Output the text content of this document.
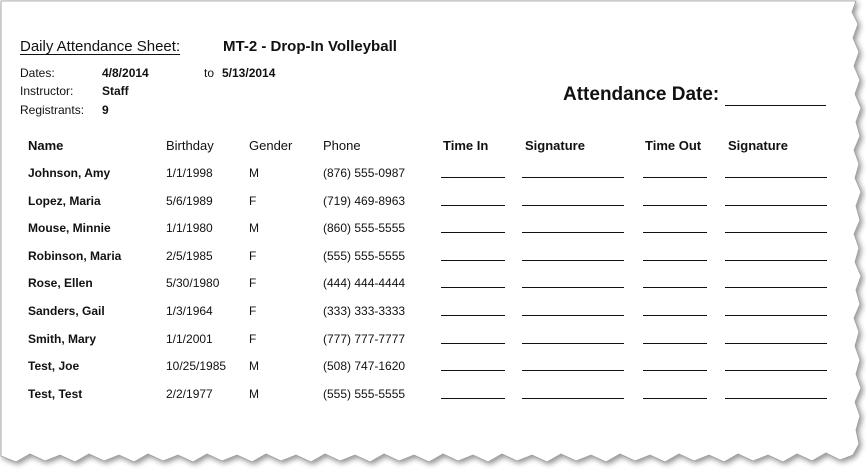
Daily Attendance Sheet:	MT-2 - Drop-In Volleyball
Dates:	4/8/2014	to 5/13/2014
Instructor: Staff
Registrants: 9
Attendance Date:
Name	Birthday	Gender Phone	Time In	Signature	Time Out Signature
Johnson, Amy	1/1/1998	M	(876) 555-0987
Lopez, Maria	5/6/1989	F	(719) 469-8963
Mouse, Minnie	1/1/1980	M	(860) 555-5555
Robinson, Maria	2/5/1985	F	(555) 555-5555
Rose, Ellen	5/30/1980 F	(444) 444-4444
Sanders, Gail	1/3/1964	F	(333) 333-3333
Smith, Mary	1/1/2001	F	(777) 777-7777
Test, Joe	10/25/1985 M	(508) 747-1620
Test, Test	2/2/1977	M	(555) 555-5555
